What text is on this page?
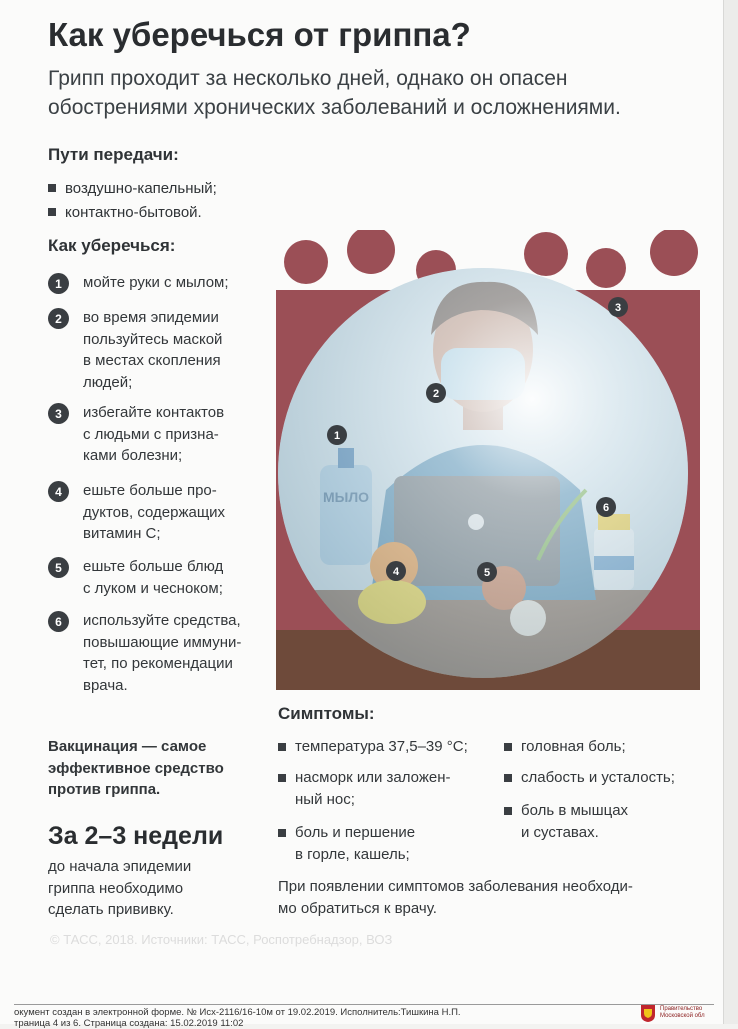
Как уберечься от гриппа?
Грипп проходит за несколько дней, однако он опасен
обострениями хронических заболеваний и осложнениями.
Пути передачи:
воздушно-капельный;
контактно-бытовой.
Как уберечься:
1	мойте руки с мылом;
2	во время эпидемии
пользуйтесь маской
в местах скопления
людей;
3	избегайте контактов
с людьми с призна-
ками болезни;
4	ешьте больше про-
дуктов, содержащих
витамин С;
5	ешьте больше блюд
с луком и чесноком;
6	используйте средства,
повышающие иммуни-
тет, по рекомендации
врача.
1
2
3
4	5
6
Симптомы:
температура 37,5–39 °С;
насморк или заложен-
ный нос;
боль и першение
в горле, кашель;
головная боль;
слабость и усталость;
боль в мышцах
и суставах.
Вакцинация — самое
эффективное средство
против гриппа.
За 2–3 недели
до начала эпидемии
гриппа необходимо
сделать прививку.
При появлении симптомов заболевания необходи-
мо обратиться к врачу.
© ТАСС, 2018. Источники: ТАСС, Роспотребнадзор, ВОЗ
окумент создан в электронной форме. № Исх-2116/16-10м от 19.02.2019. Исполнитель:Тишкина Н.П.
траница 4 из 6. Страница создана: 15.02.2019 11:02
Правительство
Московской обл
